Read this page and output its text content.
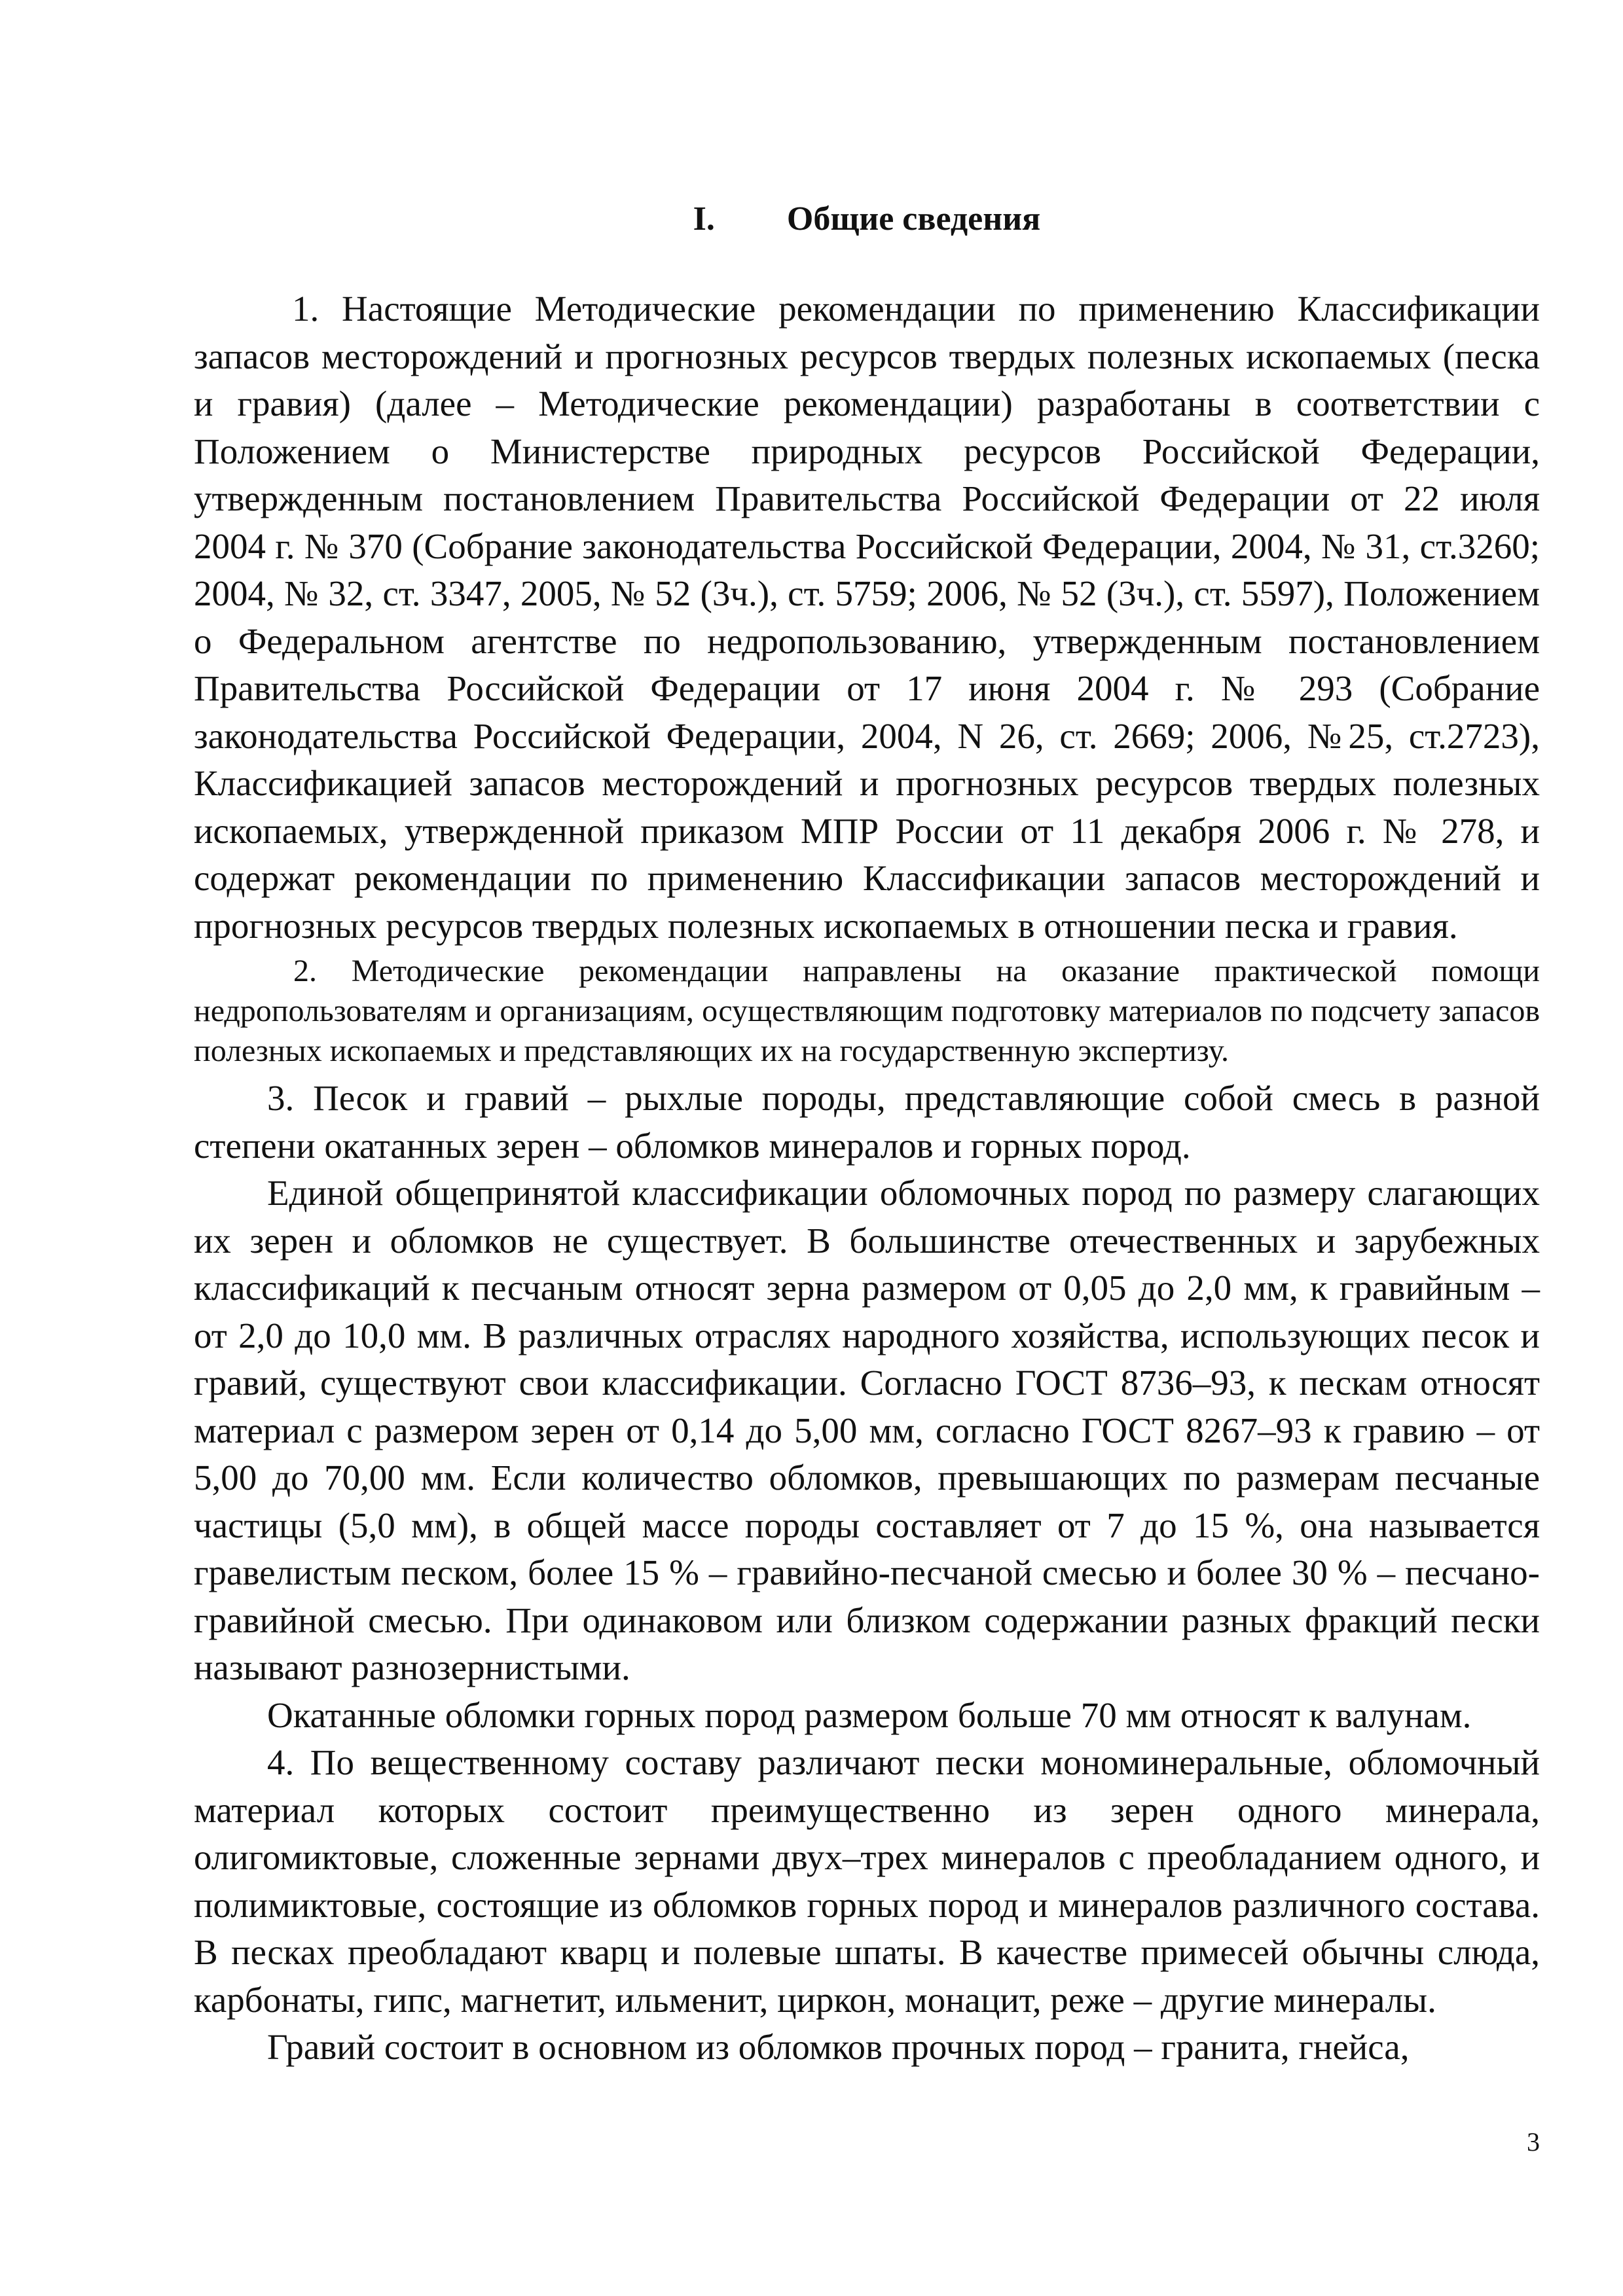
I. Общие сведения

1. Настоящие Методические рекомендации по применению Классификации запасов месторождений и прогнозных ресурсов твердых полезных ископаемых (песка и гравия) (далее – Методические рекомендации) разработаны в соответствии с Положением о Министерстве природных ресурсов Российской Федерации, утвержденным постановлением Правительства Российской Федерации от 22 июля 2004 г. № 370 (Собрание законодательства Российской Федерации, 2004, № 31, ст.3260; 2004, № 32, ст. 3347, 2005, № 52 (3ч.), ст. 5759; 2006, № 52 (3ч.), ст. 5597), Положением о Федеральном агентстве по недропользованию, утвержденным постановлением Правительства Российской Федерации от 17 июня 2004 г. № 293 (Собрание законодательства Российской Федерации, 2004, N 26, ст. 2669; 2006, №25, ст.2723), Классификацией запасов месторождений и прогнозных ресурсов твердых полезных ископаемых, утвержденной приказом МПР России от 11 декабря 2006 г. № 278, и содержат рекомендации по применению Классификации запасов месторождений и прогнозных ресурсов твердых полезных ископаемых в отношении песка и гравия.

2. Методические рекомендации направлены на оказание практической помощи недропользователям и организациям, осуществляющим подготовку материалов по подсчету запасов полезных ископаемых и представляющих их на государственную экспертизу.

3. Песок и гравий – рыхлые породы, представляющие собой смесь в разной степени окатанных зерен – обломков минералов и горных пород.

Единой общепринятой классификации обломочных пород по размеру слагающих их зерен и обломков не существует. В большинстве отечественных и зарубежных классификаций к песчаным относят зерна размером от 0,05 до 2,0 мм, к гравийным – от 2,0 до 10,0 мм. В различных отраслях народного хозяйства, использующих песок и гравий, существуют свои классификации. Согласно ГОСТ 8736–93, к пескам относят материал с размером зерен от 0,14 до 5,00 мм, согласно ГОСТ 8267–93 к гравию – от 5,00 до 70,00 мм. Если количество обломков, превышающих по размерам песчаные частицы (5,0 мм), в общей массе породы составляет от 7 до 15 %, она называется гравелистым песком, более 15 % – гравийно-песчаной смесью и более 30 % – песчано-гравийной смесью. При одинаковом или близком содержании разных фракций пески называют разнозернистыми.

Окатанные обломки горных пород размером больше 70 мм относят к валунам.

4. По вещественному составу различают пески мономинеральные, обломочный материал которых состоит преимущественно из зерен одного минерала, олигомиктовые, сложенные зернами двух–трех минералов с преобладанием одного, и полимиктовые, состоящие из обломков горных пород и минералов различного состава. В песках преобладают кварц и полевые шпаты. В качестве примесей обычны слюда, карбонаты, гипс, магнетит, ильменит, циркон, монацит, реже – другие минералы.

Гравий состоит в основном из обломков прочных пород – гранита, гнейса,

3
